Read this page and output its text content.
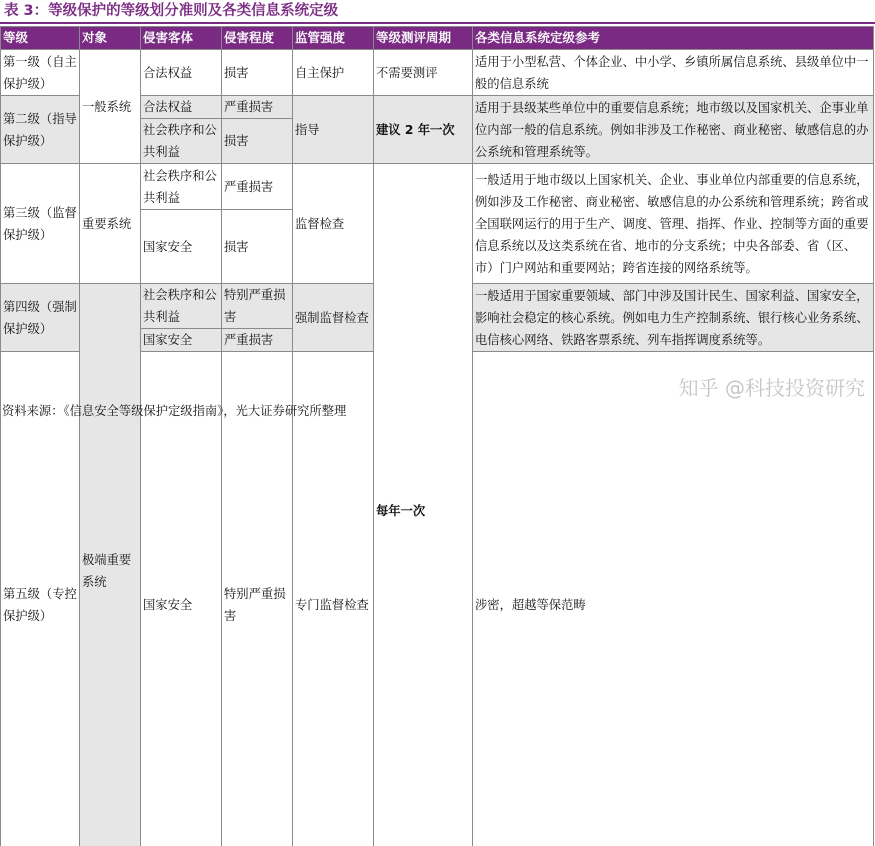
表 3：等级保护的等级划分准则及各类信息系统定级
等级	对象	侵害客体	侵害程度	监管强度	等级测评周期	各类信息系统定级参考	
第一级（自主保护级）	一般系统	合法权益	损害	自主保护	不需要测评	适用于小型私营、个体企业、中小学、乡镇所属信息系统、县级单位中一般的信息系统	
第二级（指导保护级）		合法权益	严重损害	指导	建议 2 年一次	适用于县级某些单位中的重要信息系统；地市级以及国家机关、企事业单位内部一般的信息系统。例如非涉及工作秘密、商业秘密、敏感信息的办公系统和管理系统等。	
		社会秩序和公共利益	损害				
第三级（监督保护级）	重要系统	社会秩序和公共利益	严重损害	监督检查	每年一次	一般适用于地市级以上国家机关、企业、事业单位内部重要的信息系统，例如涉及工作秘密、商业秘密、敏感信息的办公系统和管理系统；跨省或全国联网运行的用于生产、调度、管理、指挥、作业、控制等方面的重要信息系统以及这类系统在省、地市的分支系统；中央各部委、省（区、市）门户网站和重要网站；跨省连接的网络系统等。	
		国家安全	损害				
第四级（强制保护级）	极端重要系统	社会秩序和公共利益	特别严重损害	强制监督检查		一般适用于国家重要领域、部门中涉及国计民生、国家利益、国家安全，影响社会稳定的核心系统。例如电力生产控制系统、银行核心业务系统、电信核心网络、铁路客票系统、列车指挥调度系统等。	
		国家安全	严重损害				
第五级（专控保护级）		国家安全	特别严重损害	专门监督检查		涉密，超越等保范畴	
知乎 @科技投资研究
资料来源：《信息安全等级保护定级指南》，光大证券研究所整理
